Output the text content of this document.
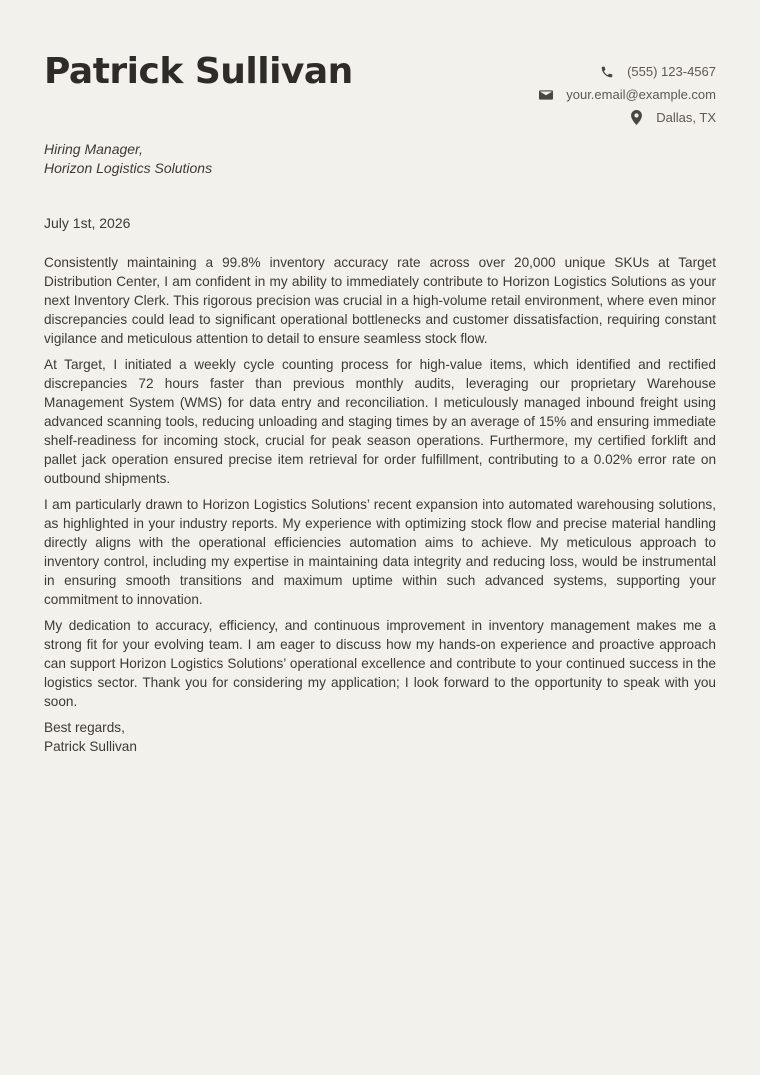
Patrick Sullivan	(555) 123-4567
your.email@example.com
Dallas, TX
Hiring Manager,
Horizon Logistics Solutions
July 1st, 2026

Consistently maintaining a 99.8% inventory accuracy rate across over 20,000 unique SKUs at Target Distribution Center, I am confident in my ability to immediately contribute to Horizon Logistics Solutions as your next Inventory Clerk. This rigorous precision was crucial in a high-volume retail environment, where even minor discrepancies could lead to significant operational bottlenecks and customer dissatisfaction, requiring constant vigilance and meticulous attention to detail to ensure seamless stock flow.

At Target, I initiated a weekly cycle counting process for high-value items, which identified and rectified discrepancies 72 hours faster than previous monthly audits, leveraging our proprietary Warehouse Management System (WMS) for data entry and reconciliation. I meticulously managed inbound freight using advanced scanning tools, reducing unloading and staging times by an average of 15% and ensuring immediate shelf-readiness for incoming stock, crucial for peak season operations. Furthermore, my certified forklift and pallet jack operation ensured precise item retrieval for order fulfillment, contributing to a 0.02% error rate on outbound shipments.

I am particularly drawn to Horizon Logistics Solutions’ recent expansion into automated warehousing solutions, as highlighted in your industry reports. My experience with optimizing stock flow and precise material handling directly aligns with the operational efficiencies automation aims to achieve. My meticulous approach to inventory control, including my expertise in maintaining data integrity and reducing loss, would be instrumental in ensuring smooth transitions and maximum uptime within such advanced systems, supporting your commitment to innovation.

My dedication to accuracy, efficiency, and continuous improvement in inventory management makes me a strong fit for your evolving team. I am eager to discuss how my hands-on experience and proactive approach can support Horizon Logistics Solutions’ operational excellence and contribute to your continued success in the logistics sector. Thank you for considering my application; I look forward to the opportunity to speak with you soon.

Best regards,
Patrick Sullivan
